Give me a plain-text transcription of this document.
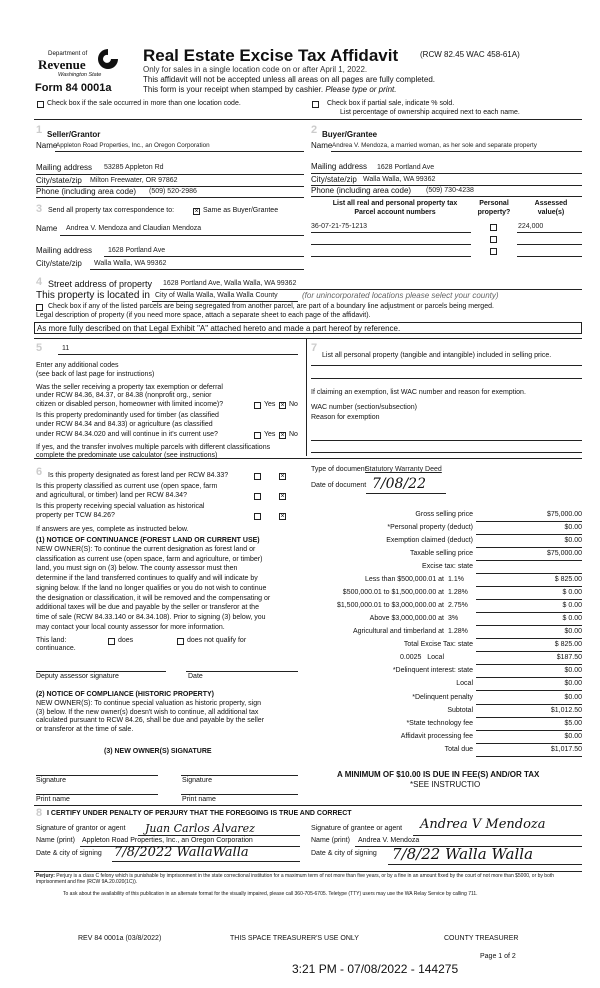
Department of
Revenue
Washington State
Form 84 0001a
Real Estate Excise Tax Affidavit	(RCW 82.45 WAC 458-61A)
Only for sales in a single location code on or after April 1, 2022.
This affidavit will not be accepted unless all areas on all pages are fully completed.
This form is your receipt when stamped by cashier. Please type or print.
Check box if the sale occurred in more than one location code.	Check box if partial sale, indicate % sold.
List percentage of ownership acquired next to each name.
1 Seller/Grantor
Name
Appleton Road Properties, Inc., an Oregon Corporation
Mailing address 53285 Appleton Rd
City/state/zip Milton Freewater, OR 97862
Phone (including area code) (509) 520-2986
2 Buyer/Grantee
Name Andrea V. Mendoza, a married woman, as her sole and separate property
Mailing address 1628 Portland Ave
City/state/zip Walla Walla, WA 99362
Phone (including area code) (509) 730-4238
3 Send all property tax correspondence to:	× Same as Buyer/Grantee
Name Andrea V. Mendoza and Claudian Mendoza
Mailing address 1628 Portland Ave
City/state/zip Walla Walla, WA 99362
List all real and personal property tax
Parcel account numbers
Personal
property?
Assessed
value(s)
36-07-21-75-1213	224,000
4 Street address of property 1628 Portland Ave, Walla Walla, WA 99362
This property is located in City of Walla Walla, Walla Walla County	(for unincorporated locations please select your county)
Check box if any of the listed parcels are being segregated from another parcel, are part of a boundary line adjustment or parcels being merged.
Legal description of property (if you need more space, attach a separate sheet to each page of the affidavit).
As more fully described on that Legal Exhibit "A" attached hereto and made a part hereof by reference.
5	11
Enter any additional codes
(see back of last page for instructions)
Was the seller receiving a property tax exemption or deferral
under RCW 84.36, 84.37, or 84.38 (nonprofit org., senior
citizen or disabled person, homeowner with limited income)?	Yes × No
Is this property predominantly used for timber (as classified
under RCW 84.34 and 84.33) or agriculture (as classified
under RCW 84.34.020 and will continue in it's current use?	Yes × No
If yes, and the transfer involves multiple parcels with different classifications
complete the predominate use calculator (see instructions)
7
List all personal property (tangible and intangible) included in selling price.
If claiming an exemption, list WAC number and reason for exemption.
WAC number (section/subsection)
Reason for exemption
Type of document
Statutory Warranty Deed
Date of document 7/08/22
6 Is this property designated as forest land per RCW 84.33?	×
Is this property classified as current use (open space, farm
and agricultural, or timber) land per RCW 84.34?	×
Is this property receiving special valuation as historical
property per TCW 84.26?	×
If answers are yes, complete as instructed below.
(1) NOTICE OF CONTINUANCE (FOREST LAND OR CURRENT USE)
NEW OWNER(S): To continue the current designation as forest land or
classification as current use (open space, farm and agriculture, or timber)
land, you must sign on (3) below. The county assessor must then
determine if the land transferred continues to qualify and will indicate by
signing below. If the land no longer qualifies or you do not wish to continue
the designation or classification, it will be removed and the compensating or
additional taxes will be due and payable by the seller or transferor at the
time of sale (RCW 84.33.140 or 84.34.108). Prior to signing (3) below, you
may contact your local county assessor for more information.
This land:
continuance.
does	does not qualify for
Deputy assessor signature	Date
(2) NOTICE OF COMPLIANCE (HISTORIC PROPERTY)
NEW OWNER(S): To continue special valuation as historic property, sign
(3) below. If the new owner(s) doesn't wish to continue, all additional tax
calculated pursuant to RCW 84.26, shall be due and payable by the seller
or transferor at the time of sale.
(3) NEW OWNER(S) SIGNATURE
Signature	Signature
Print name	Print name
Gross selling price	$75,000.00
*Personal property (deduct)	$0.00
Exemption claimed (deduct)	$0.00
Taxable selling price	$75,000.00
Excise tax: state
Less than $500,000.01 at 1.1%	$ 825.00
$500,000.01 to $1,500,000.00 at 1.28%	$ 0.00
$1,500,000.01 to $3,000,000.00 at 2.75%	$ 0.00
Above $3,000,000.00 at 3%	$ 0.00
Agricultural and timberland at 1.28%	$0.00
Total Excise Tax: state	$ 825.00
Local
0.0025	$187.50
*Delinquent interest: state	$0.00
Local	$0.00
*Delinquent penalty	$0.00
Subtotal	$1,012.50
*State technology fee	$5.00
Affidavit processing fee	$0.00
Total due	$1,017.50
A MINIMUM OF $10.00 IS DUE IN FEE(S) AND/OR TAX
*SEE INSTRUCTIO
8 I CERTIFY UNDER PENALTY OF PERJURY THAT THE FOREGOING IS TRUE AND CORRECT
Signature of grantor or agent Juan Carlos Alvarez
Name (print) Appleton Road Properties, Inc., an Oregon Corporation
Date & city of signing 7/8/2022 WallaWalla
Signature of grantee or agent Andrea V Mendoza
Name (print) Andrea V. Mendoza
Date & city of signing 7/8/22 Walla Walla
Perjury: Perjury is a class C felony which is punishable by imprisonment in the state correctional institution for a maximum term of not more than five years, or by a fine in an amount fixed by the court of not more than $5000, or by both imprisonment and fine (RCW 9A.20.020(1C)).
To ask about the availability of this publication in an alternate format for the visually impaired, please call 360-705-6705. Teletype (TTY) users may use the WA Relay Service by calling 711.
REV 84 0001a (03/8/2022)	THIS SPACE TREASURER'S USE ONLY	COUNTY TREASURER
Page 1 of 2
3:21 PM - 07/08/2022 - 144275
